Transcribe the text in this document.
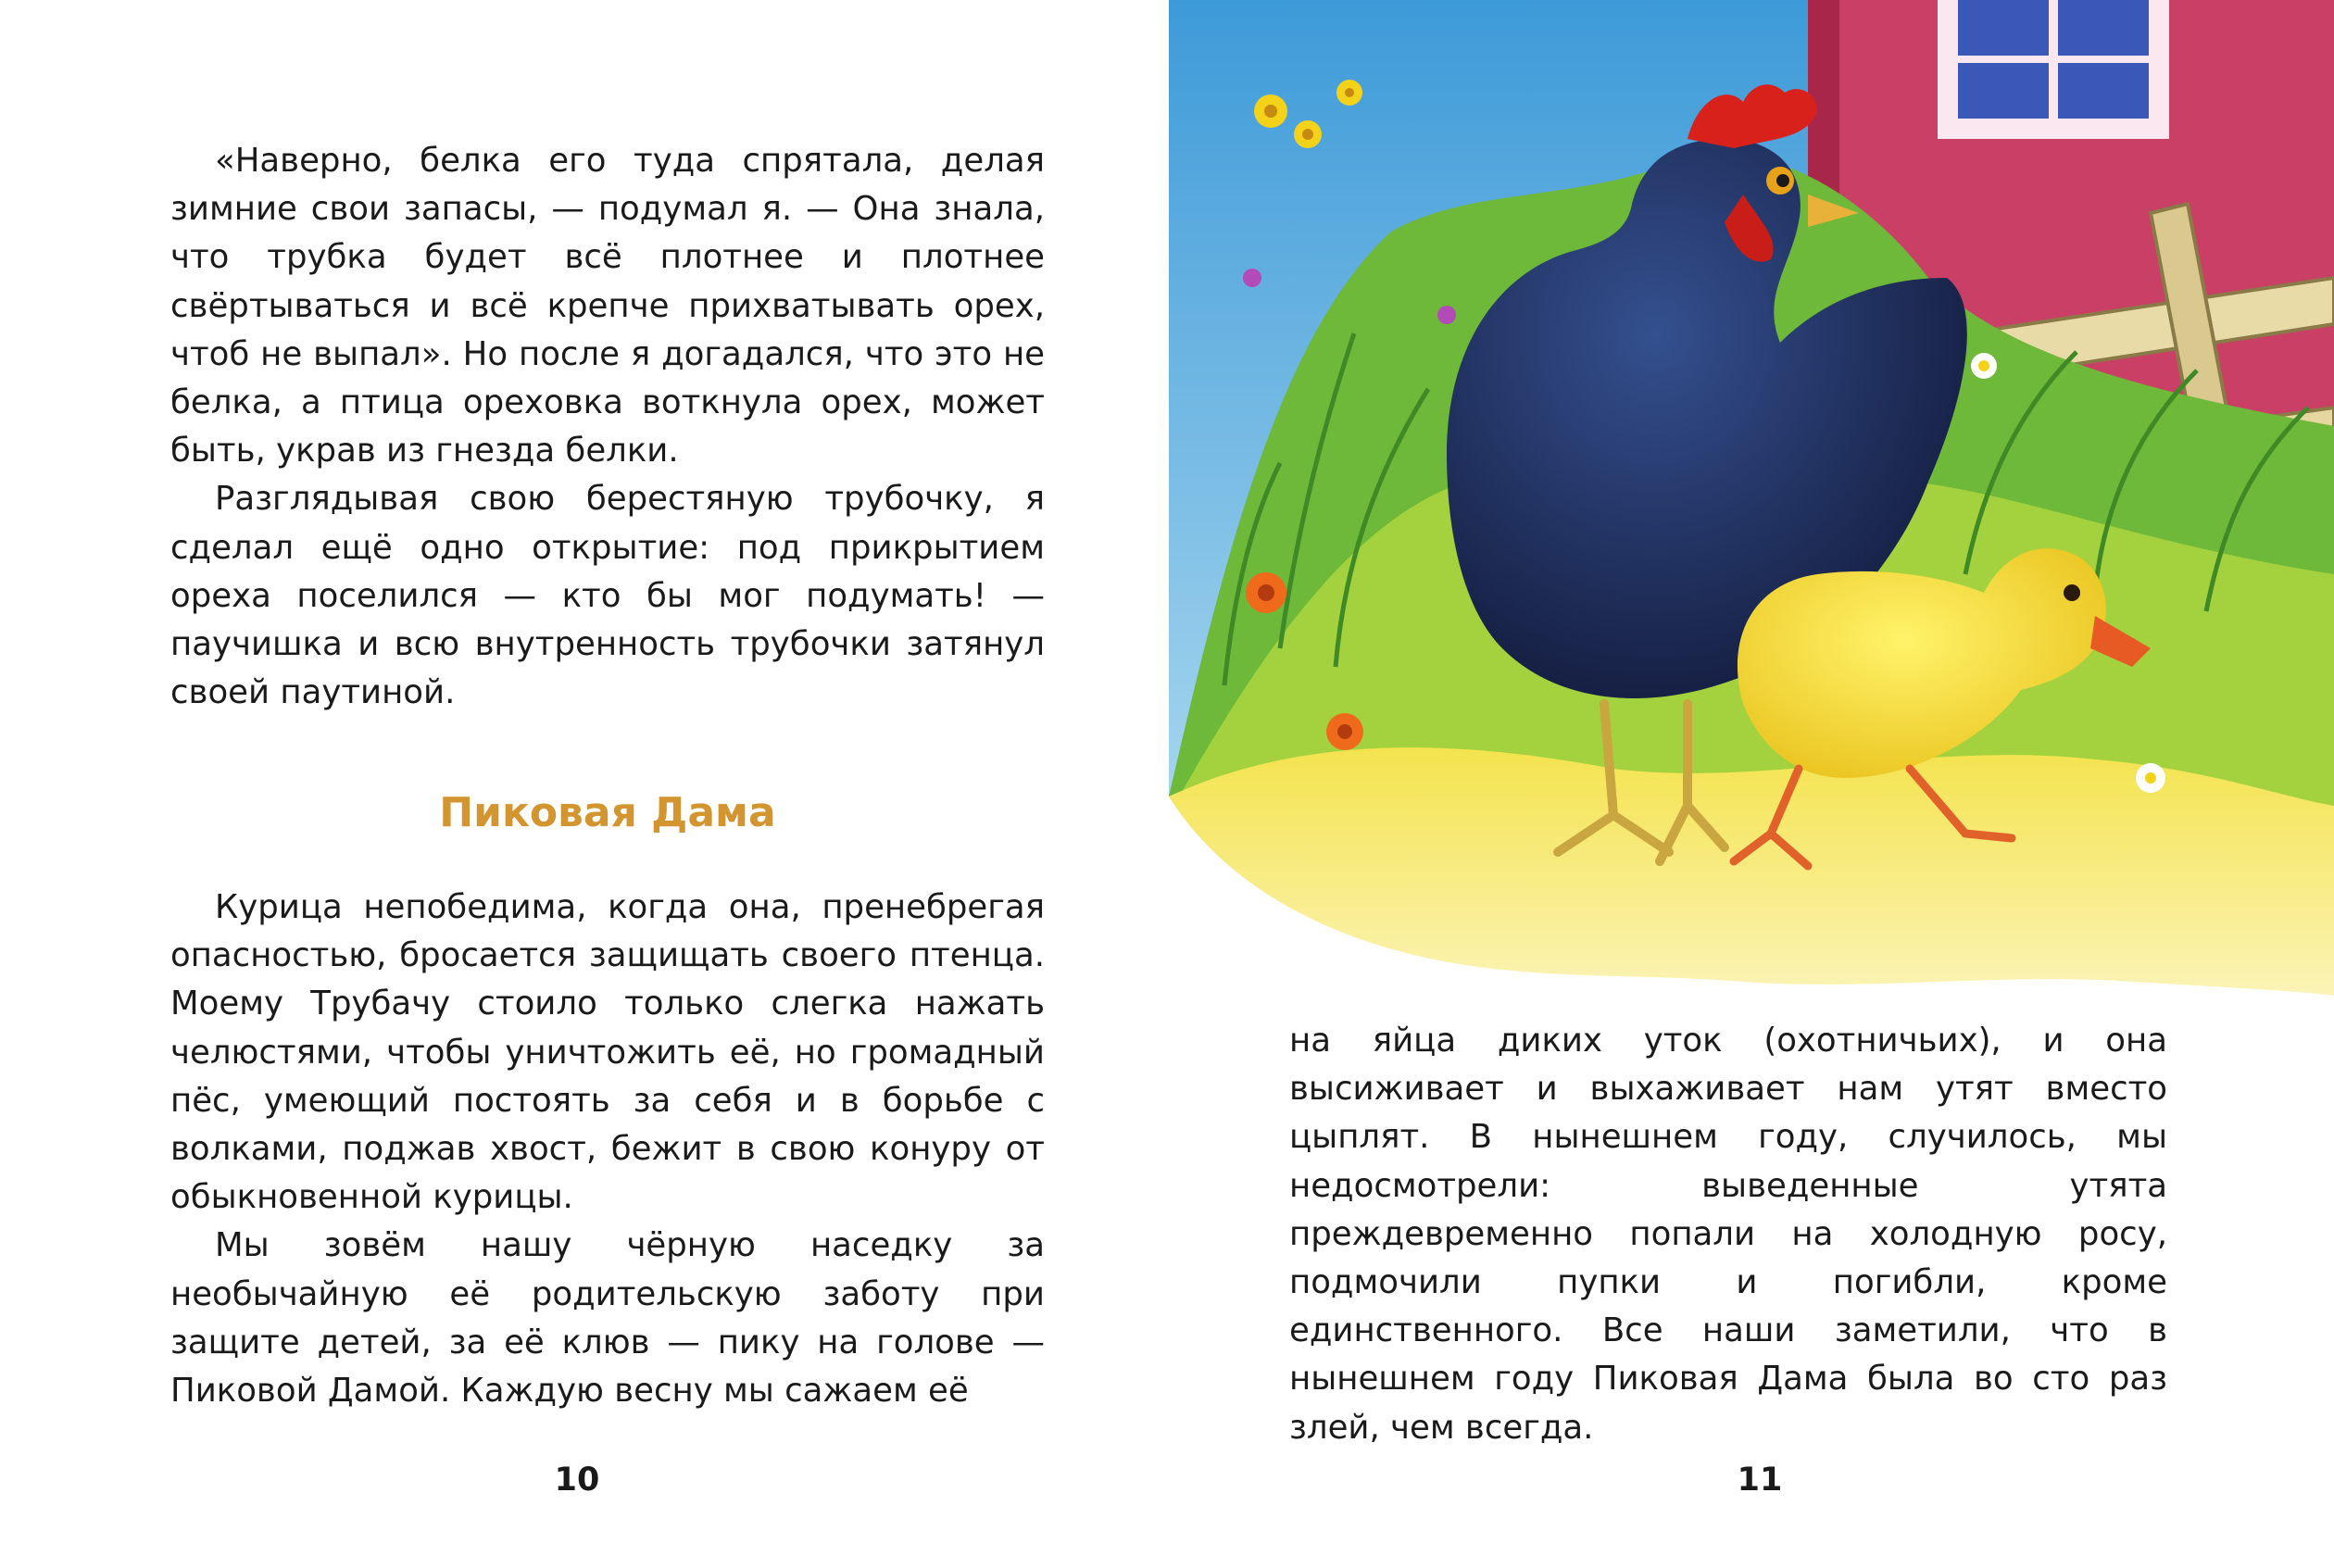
«Наверно, белка его туда спрятала, делая зимние свои запасы, — подумал я. — Она знала, что трубка будет всё плотнее и плотнее свёртываться и всё крепче прихватывать орех, чтоб не выпал». Но после я догадался, что это не белка, а птица ореховка воткнула орех, может быть, украв из гнезда белки.

Разглядывая свою берестяную трубочку, я сделал ещё одно открытие: под прикрытием ореха поселился — кто бы мог подумать! — паучишка и всю внутренность трубочки затянул своей паутиной.

Пиковая Дама

Курица непобедима, когда она, пренебрегая опасностью, бросается защищать своего птенца. Моему Трубачу стоило только слегка нажать челюстями, чтобы уничтожить её, но громадный пёс, умеющий постоять за себя и в борьбе с волками, поджав хвост, бежит в свою конуру от обыкновенной курицы.

Мы зовём нашу чёрную наседку за необычайную её родительскую заботу при защите детей, за её клюв — пику на голове — Пиковой Дамой. Каждую весну мы сажаем её

10	11

на яйца диких уток (охотничьих), и она высиживает и выхаживает нам утят вместо цыплят. В нынешнем году, случилось, мы недосмотрели: выведенные утята преждевременно попали на холодную росу, подмочили пупки и погибли, кроме единственного. Все наши заметили, что в нынешнем году Пиковая Дама была во сто раз злей, чем всегда.
